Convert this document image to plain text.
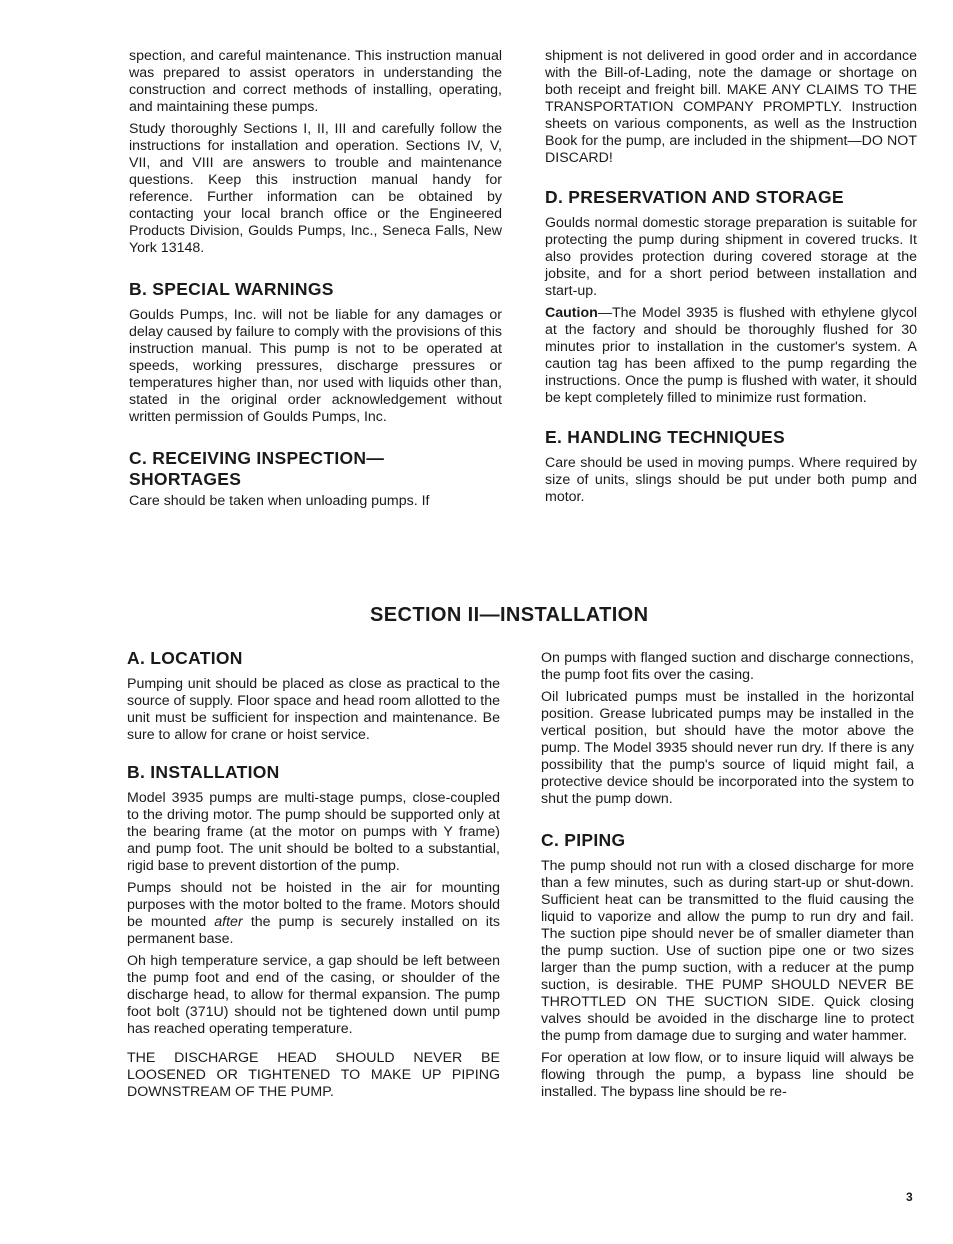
spection, and careful maintenance. This instruction manual was prepared to assist operators in understanding the construction and correct methods of installing, operating, and maintaining these pumps.

Study thoroughly Sections I, II, III and carefully follow the instructions for installation and operation. Sections IV, V, VII, and VIII are answers to trouble and maintenance questions. Keep this instruction manual handy for reference. Further information can be obtained by contacting your local branch office or the Engineered Products Division, Goulds Pumps, Inc., Seneca Falls, New York 13148.

B. SPECIAL WARNINGS

Goulds Pumps, Inc. will not be liable for any damages or delay caused by failure to comply with the provisions of this instruction manual. This pump is not to be operated at speeds, working pressures, discharge pressures or temperatures higher than, nor used with liquids other than, stated in the original order acknowledgement without written permission of Goulds Pumps, Inc.

C. RECEIVING INSPECTION—
SHORTAGES

Care should be taken when unloading pumps. If

shipment is not delivered in good order and in accordance with the Bill-of-Lading, note the damage or shortage on both receipt and freight bill. MAKE ANY CLAIMS TO THE TRANSPORTATION COMPANY PROMPTLY. Instruction sheets on various components, as well as the Instruction Book for the pump, are included in the shipment—DO NOT DISCARD!

D. PRESERVATION AND STORAGE

Goulds normal domestic storage preparation is suitable for protecting the pump during shipment in covered trucks. It also provides protection during covered storage at the jobsite, and for a short period between installation and start-up.

Caution—The Model 3935 is flushed with ethylene glycol at the factory and should be thoroughly flushed for 30 minutes prior to installation in the customer's system. A caution tag has been affixed to the pump regarding the instructions. Once the pump is flushed with water, it should be kept completely filled to minimize rust formation.

E. HANDLING TECHNIQUES

Care should be used in moving pumps. Where required by size of units, slings should be put under both pump and motor.

SECTION II—INSTALLATION
A. LOCATION

Pumping unit should be placed as close as practical to the source of supply. Floor space and head room allotted to the unit must be sufficient for inspection and maintenance. Be sure to allow for crane or hoist service.

B. INSTALLATION

Model 3935 pumps are multi-stage pumps, close-coupled to the driving motor. The pump should be supported only at the bearing frame (at the motor on pumps with Y frame) and pump foot. The unit should be bolted to a substantial, rigid base to prevent distortion of the pump.

Pumps should not be hoisted in the air for mounting purposes with the motor bolted to the frame. Motors should be mounted after the pump is securely installed on its permanent base.

Oh high temperature service, a gap should be left between the pump foot and end of the casing, or shoulder of the discharge head, to allow for thermal expansion. The pump foot bolt (371U) should not be tightened down until pump has reached operating temperature.

THE DISCHARGE HEAD SHOULD NEVER BE LOOSENED OR TIGHTENED TO MAKE UP PIPING DOWNSTREAM OF THE PUMP.

On pumps with flanged suction and discharge connections, the pump foot fits over the casing.

Oil lubricated pumps must be installed in the horizontal position. Grease lubricated pumps may be installed in the vertical position, but should have the motor above the pump. The Model 3935 should never run dry. If there is any possibility that the pump's source of liquid might fail, a protective device should be incorporated into the system to shut the pump down.

C. PIPING

The pump should not run with a closed discharge for more than a few minutes, such as during start-up or shut-down. Sufficient heat can be transmitted to the fluid causing the liquid to vaporize and allow the pump to run dry and fail. The suction pipe should never be of smaller diameter than the pump suction. Use of suction pipe one or two sizes larger than the pump suction, with a reducer at the pump suction, is desirable. THE PUMP SHOULD NEVER BE THROTTLED ON THE SUCTION SIDE. Quick closing valves should be avoided in the discharge line to protect the pump from damage due to surging and water hammer.

For operation at low flow, or to insure liquid will always be flowing through the pump, a bypass line should be installed. The bypass line should be re-

3
